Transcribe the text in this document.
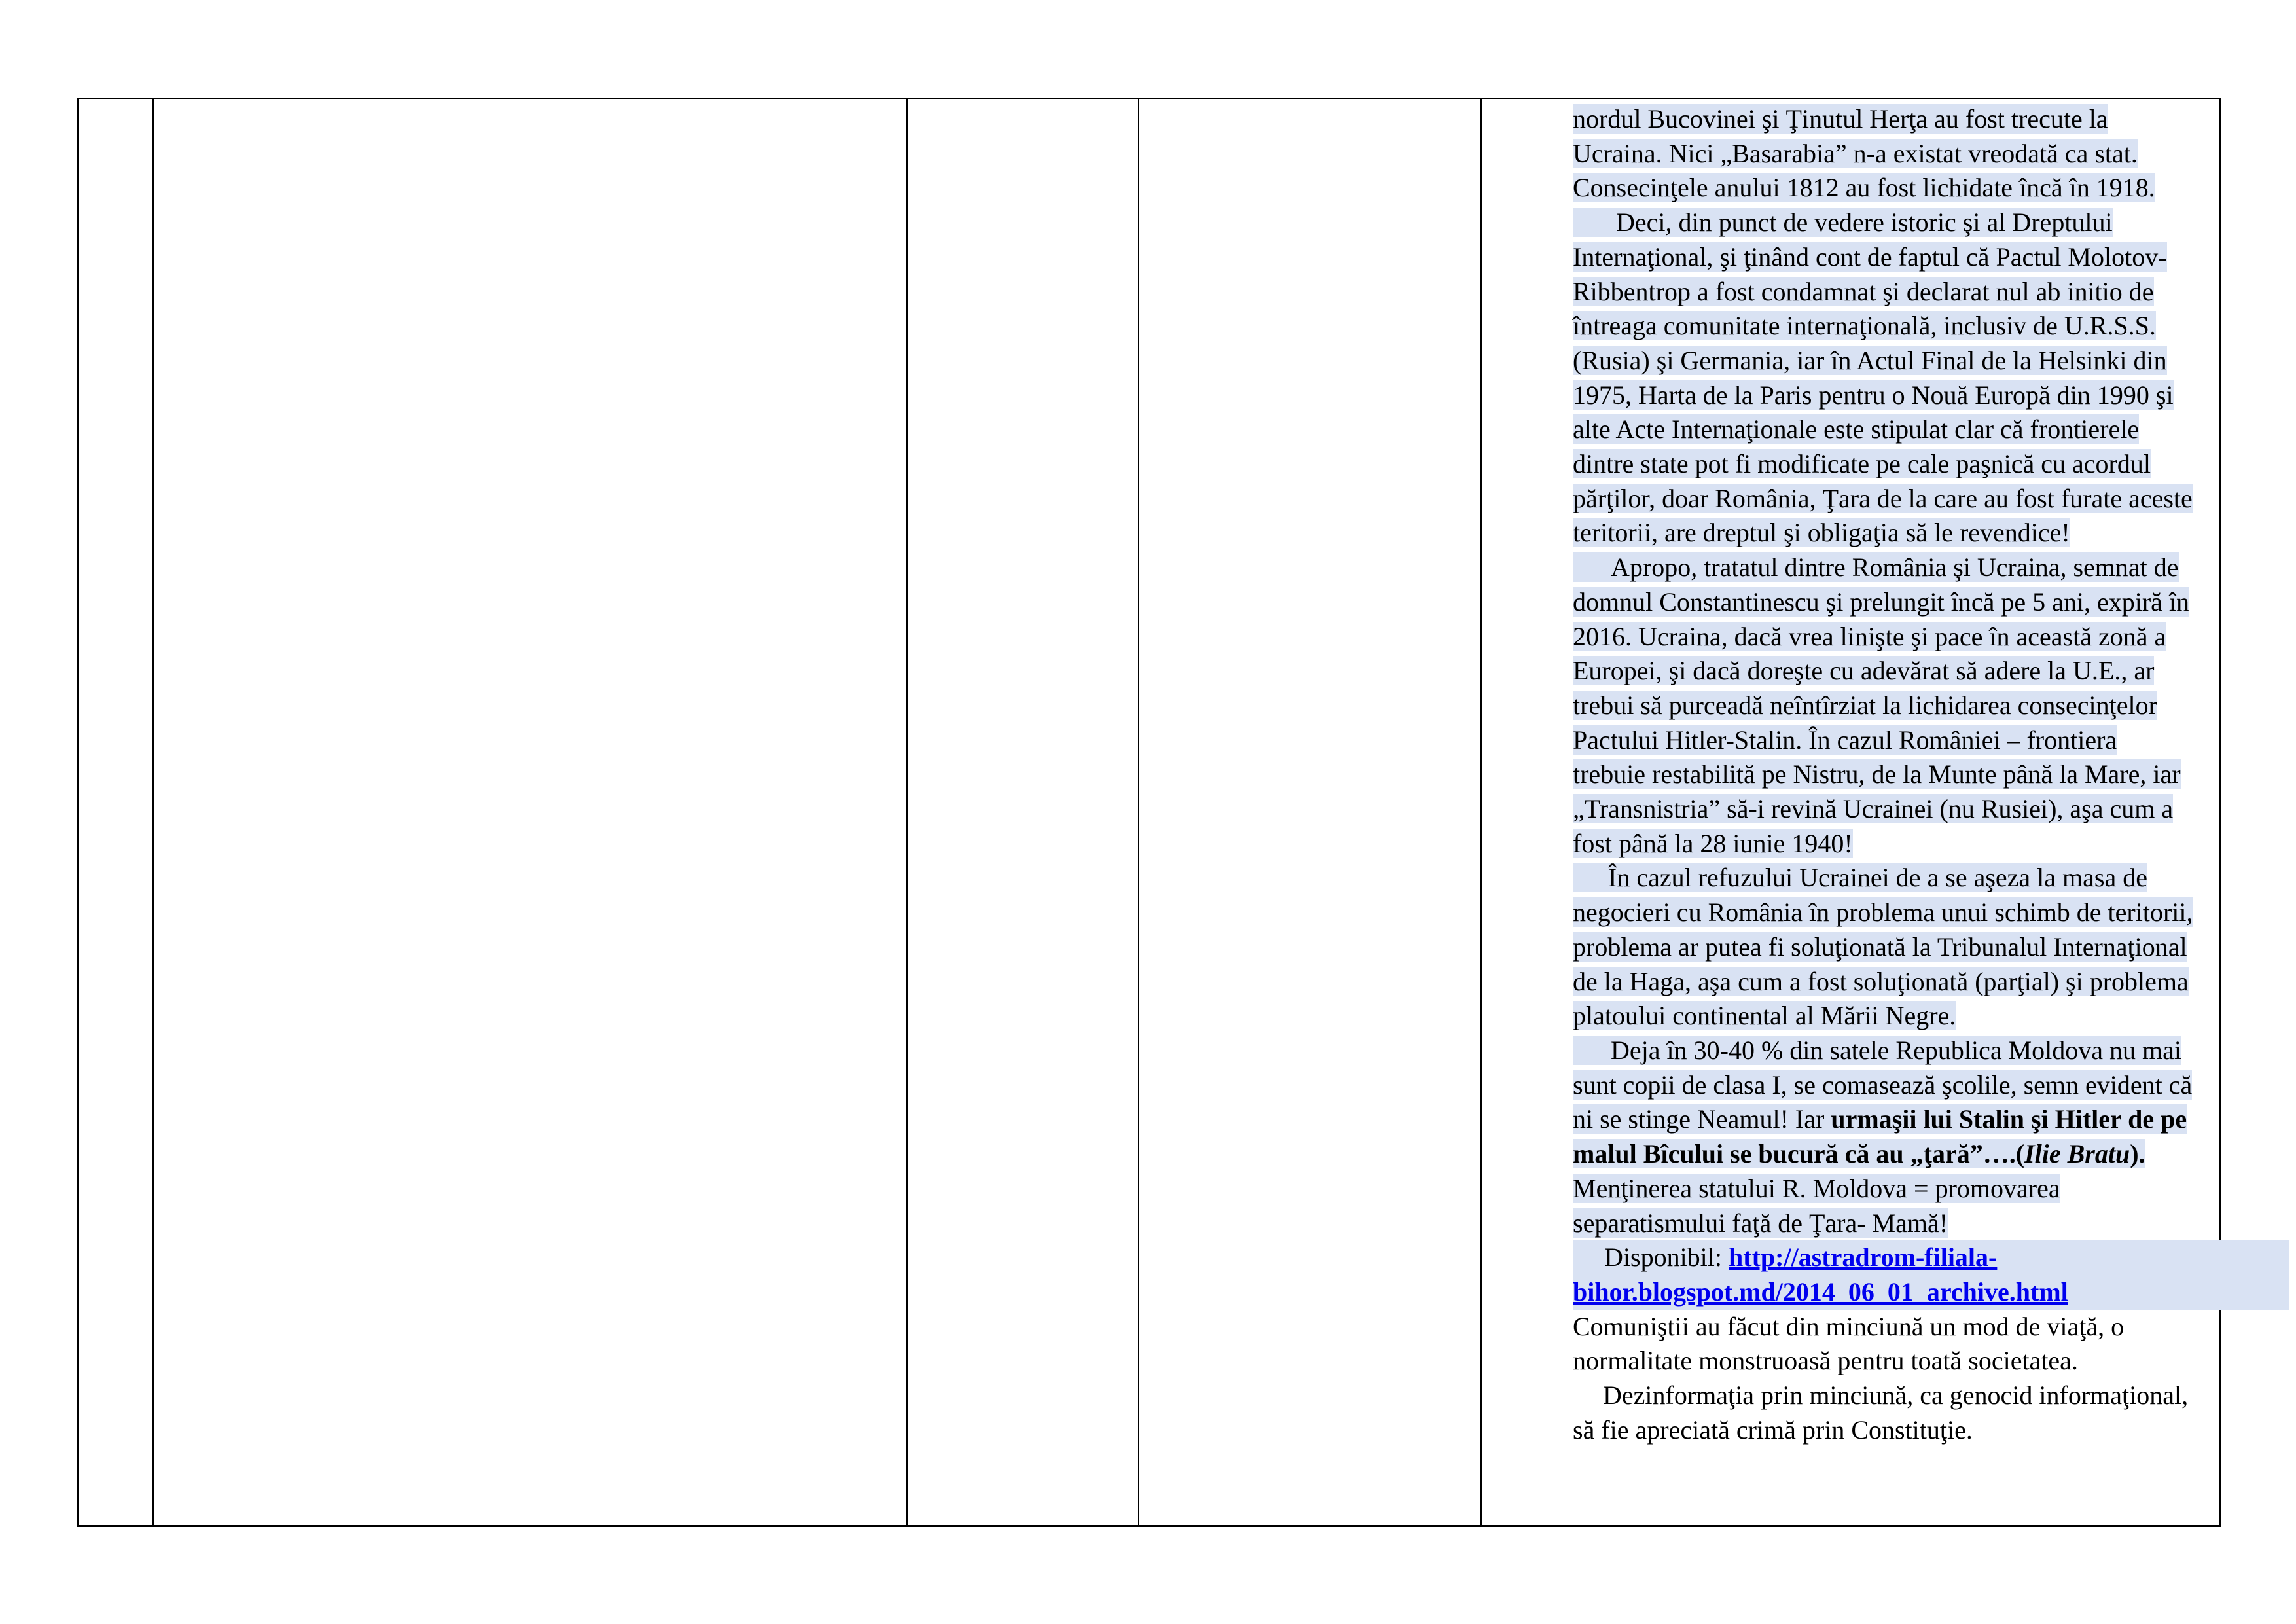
nordul Bucovinei şi Ţinutul Herţa au fost trecute la
Ucraina. Nici „Basarabia” n-a existat vreodată ca stat.
Consecinţele anului 1812 au fost lichidate încă în 1918.

Deci, din punct de vedere istoric şi al Dreptului
Internaţional, şi ţinând cont de faptul că Pactul Molotov-
Ribbentrop a fost condamnat şi declarat nul ab initio de
întreaga comunitate internaţională, inclusiv de U.R.S.S.
(Rusia) şi Germania, iar în Actul Final de la Helsinki din
1975, Harta de la Paris pentru o Nouă Europă din 1990 şi
alte Acte Internaţionale este stipulat clar că frontierele
dintre state pot fi modificate pe cale paşnică cu acordul
părţilor, doar România, Ţara de la care au fost furate aceste
teritorii, are dreptul şi obligaţia să le revendice!

Apropo, tratatul dintre România şi Ucraina, semnat de
domnul Constantinescu şi prelungit încă pe 5 ani, expiră în
2016. Ucraina, dacă vrea linişte şi pace în această zonă a
Europei, şi dacă doreşte cu adevărat să adere la U.E., ar
trebui să purceadă neîntîrziat la lichidarea consecinţelor
Pactului Hitler-Stalin. În cazul României – frontiera
trebuie restabilită pe Nistru, de la Munte până la Mare, iar
„Transnistria” să-i revină Ucrainei (nu Rusiei), aşa cum a
fost până la 28 iunie 1940!

În cazul refuzului Ucrainei de a se aşeza la masa de
negocieri cu România în problema unui schimb de teritorii,
problema ar putea fi soluţionată la Tribunalul Internaţional
de la Haga, aşa cum a fost soluţionată (parţial) şi problema
platoului continental al Mării Negre.

Deja în 30-40 % din satele Republica Moldova nu mai
sunt copii de clasa I, se comasează şcolile, semn evident că
ni se stinge Neamul! Iar urmaşii lui Stalin şi Hitler de pe
malul Bîcului se bucură că au „ţară”….(Ilie Bratu).
Menţinerea statului R. Moldova = promovarea
separatismului faţă de Ţara- Mamă!

Disponibil: http://astradrom-filiala-
bihor.blogspot.md/2014_06_01_archive.html

Comuniştii au făcut din minciună un mod de viaţă, o
normalitate monstruoasă pentru toată societatea.

Dezinformaţia prin minciună, ca genocid informaţional,
să fie apreciată crimă prin Constituţie.
